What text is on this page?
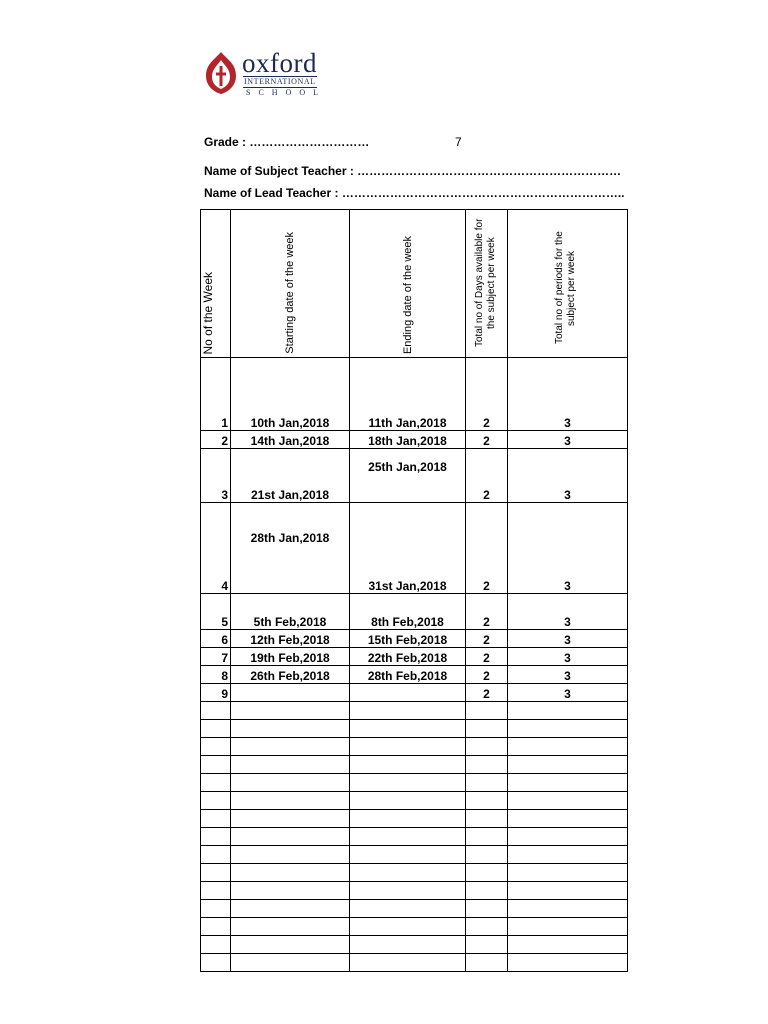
oxford
INTERNATIONAL
SCHOOL
Grade : …………………………	7
Name of Subject Teacher : …………………………………………………………
Name of Lead Teacher : ……………………………………………………………..
No of the Week	Starting date of the week	Ending date of the week	Total no of Days available for the subject per week	Total no of periods for the subject per week
1	10th Jan,2018	11th Jan,2018	2	3
2	14th Jan,2018	18th Jan,2018	2	3
3	21st Jan,2018	25th Jan,2018	2	3
4	28th Jan,2018	31st Jan,2018	2	3
5	5th Feb,2018	8th Feb,2018	2	3
6	12th Feb,2018	15th Feb,2018	2	3
7	19th Feb,2018	22th Feb,2018	2	3
8	26th Feb,2018	28th Feb,2018	2	3
9			2	3
